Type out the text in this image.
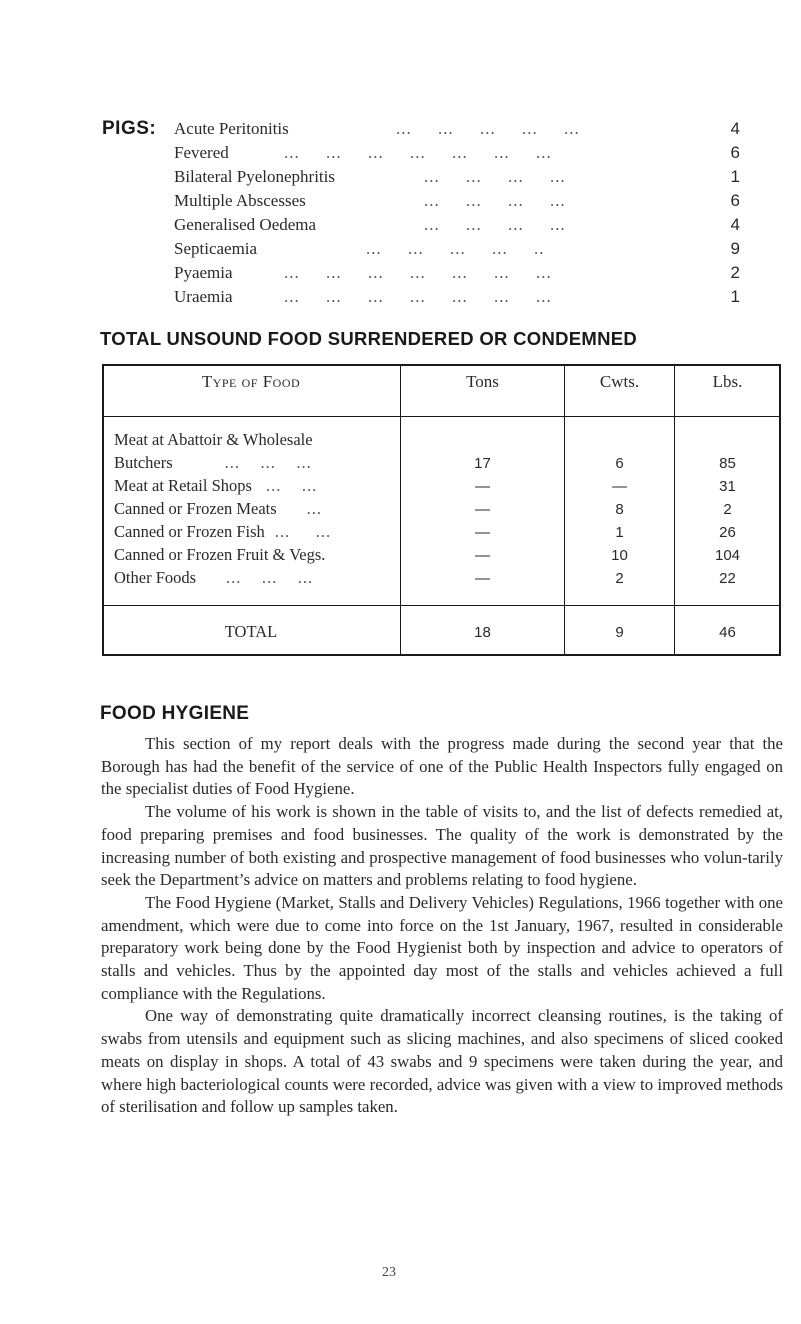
PIGS: Acute Peritonitis	...     ...     ...     ...     ...	4
Fevered	...     ...     ...     ...     ...     ...     ...	6
Bilateral Pyelonephritis	...     ...     ...     ...	1
Multiple Abscesses	...     ...     ...     ...	6
Generalised Oedema	...     ...     ...     ...	4
Septicaemia	...     ...     ...     ...     ..	9
Pyaemia	...     ...     ...     ...     ...     ...     ...	2
Uraemia	...     ...     ...     ...     ...     ...     ...	1
TOTAL UNSOUND FOOD SURRENDERED OR CONDEMNED
Type of Food	Tons	Cwts.	Lbs.
Meat at Abattoir & Wholesale
Butchers	...    ...    ...	17	6	85
Meat at Retail Shops ...    ...	—	—	31
Canned or Frozen Meats ...	—	8	2
Canned or Frozen Fish ...     ...	—	1	26
Canned or Frozen Fruit & Vegs.	—	10	104
Other Foods ...    ...    ...	—	2	22
TOTAL	18	9	46
FOOD HYGIENE

This section of my report deals with the progress made during the second year that the Borough has had the benefit of the service of one of the Public Health Inspectors fully engaged on the specialist duties of Food Hygiene.

The volume of his work is shown in the table of visits to, and the list of defects remedied at, food preparing premises and food businesses. The quality of the work is demonstrated by the increasing number of both existing and prospective management of food businesses who volun-tarily seek the Department’s advice on matters and problems relating to food hygiene.

The Food Hygiene (Market, Stalls and Delivery Vehicles) Regulations, 1966 together with one amendment, which were due to come into force on the 1st January, 1967, resulted in considerable preparatory work being done by the Food Hygienist both by inspection and advice to operators of stalls and vehicles. Thus by the appointed day most of the stalls and vehicles achieved a full compliance with the Regulations.

One way of demonstrating quite dramatically incorrect cleansing routines, is the taking of swabs from utensils and equipment such as slicing machines, and also specimens of sliced cooked meats on display in shops. A total of 43 swabs and 9 specimens were taken during the year, and where high bacteriological counts were recorded, advice was given with a view to improved methods of sterilisation and follow up samples taken.

23
